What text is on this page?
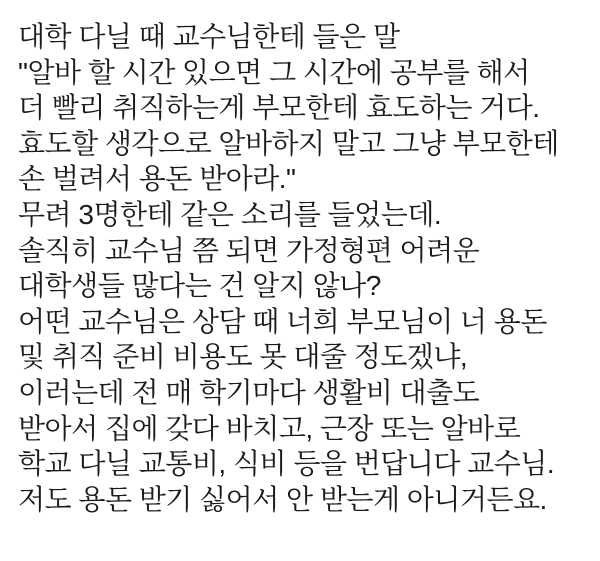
대학 다닐 때 교수님한테 들은 말

"알바 할 시간 있으면 그 시간에 공부를 해서

더 빨리 취직하는게 부모한테 효도하는 거다.

효도할 생각으로 알바하지 말고 그냥 부모한테

손 벌려서 용돈 받아라."

무려 3명한테 같은 소리를 들었는데.

솔직히 교수님 쯤 되면 가정형편 어려운

대학생들 많다는 건 알지 않나?

어떤 교수님은 상담 때 너희 부모님이 너 용돈

및 취직 준비 비용도 못 대줄 정도겠냐,

이러는데 전 매 학기마다 생활비 대출도

받아서 집에 갖다 바치고, 근장 또는 알바로

학교 다닐 교통비, 식비 등을 번답니다 교수님.

저도 용돈 받기 싫어서 안 받는게 아니거든요.
